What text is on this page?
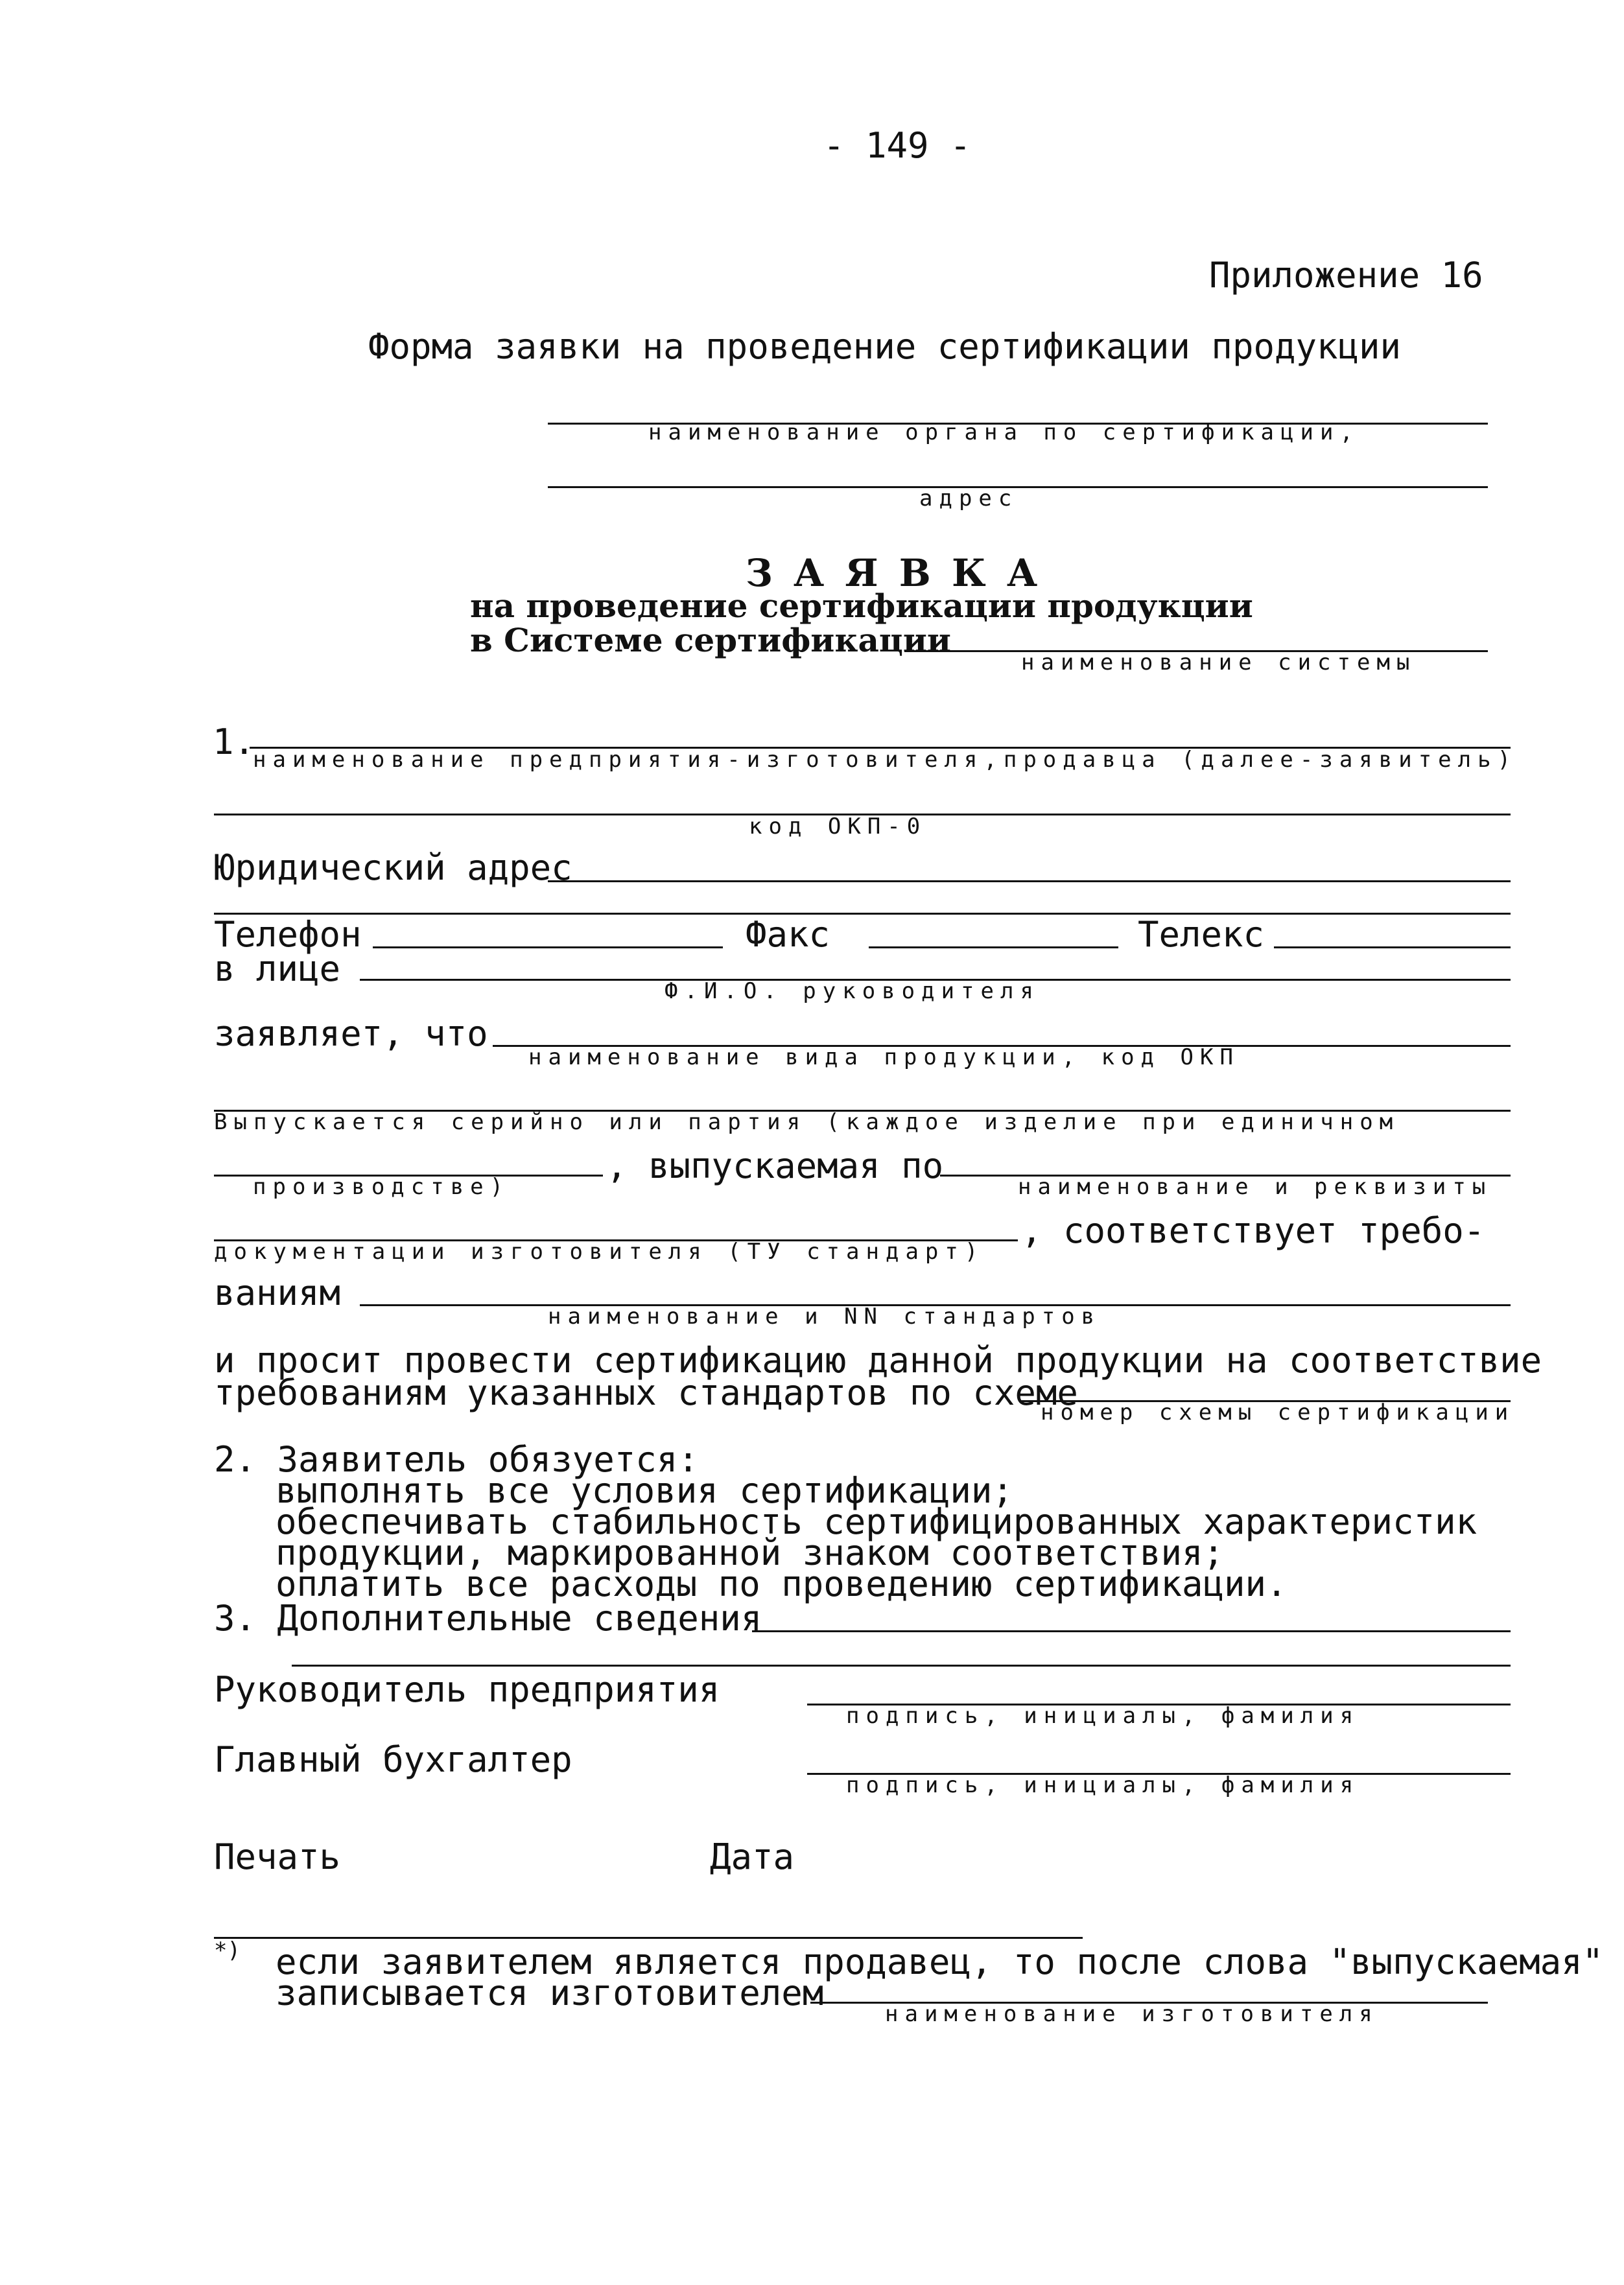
- 149 -
Приложение 16
Форма заявки на проведение сертификации продукции
наименование органа по сертификации,
адрес
З А Я В К А
на проведение сертификации продукции
в Системе сертификации
наименование системы
1.
наименование предприятия-изготовителя,продавца (далее-заявитель)
код ОКП-0
Юридический адрес
Телефон	Факс	Телекс
в лице
Ф.И.О. руководителя
заявляет, что
наименование вида продукции, код ОКП
Выпускается серийно или партия (каждое изделие при единичном
производстве)
, выпускаемая по
наименование и реквизиты
документации изготовителя (ТУ стандарт)
, соответствует требо-
ваниям
наименование и NN стандартов
и просит провести сертификацию данной продукции на соответствие
требованиям указанных стандартов по схеме
номер схемы сертификации
2. Заявитель обязуется:
выполнять все условия сертификации;
обеспечивать стабильность сертифицированных характеристик
продукции, маркированной знаком соответствия;
оплатить все расходы по проведению сертификации.
3. Дополнительные сведения
Руководитель предприятия
подпись, инициалы, фамилия
Главный бухгалтер
подпись, инициалы, фамилия
Печать	Дата
*) если заявителем является продавец, то после слова "выпускаемая"
записывается изготовителем
наименование изготовителя
